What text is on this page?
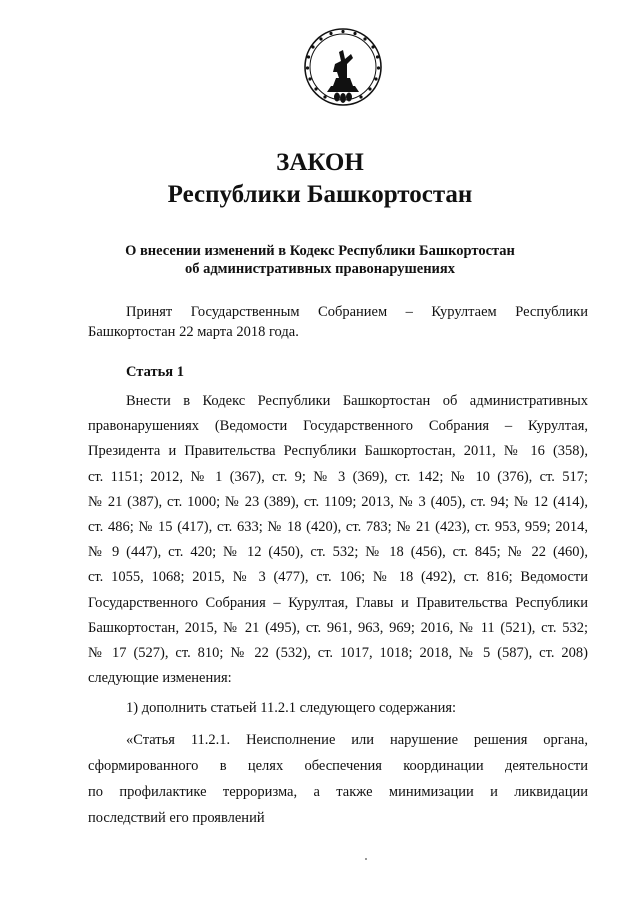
ЗАКОН
Республики Башкортостан
О внесении изменений в Кодекс Республики Башкортостан
об административных правонарушениях
Принят Государственным Собранием – Курултаем Республики
Башкортостан 22 марта 2018 года.
Статья 1
Внести в Кодекс Республики Башкортостан об административных
правонарушениях (Ведомости Государственного Собрания – Курултая,
Президента и Правительства Республики Башкортостан, 2011, № 16 (358),
ст. 1151; 2012, № 1 (367), ст. 9; № 3 (369), ст. 142; № 10 (376), ст. 517;
№ 21 (387), ст. 1000; № 23 (389), ст. 1109; 2013, № 3 (405), ст. 94; № 12 (414),
ст. 486; № 15 (417), ст. 633; № 18 (420), ст. 783; № 21 (423), ст. 953, 959; 2014,
№ 9 (447), ст. 420; № 12 (450), ст. 532; № 18 (456), ст. 845; № 22 (460),
ст. 1055, 1068; 2015, № 3 (477), ст. 106; № 18 (492), ст. 816; Ведомости
Государственного Собрания – Курултая, Главы и Правительства Республики
Башкортостан, 2015, № 21 (495), ст. 961, 963, 969; 2016, № 11 (521), ст. 532;
№ 17 (527), ст. 810; № 22 (532), ст. 1017, 1018; 2018, № 5 (587), ст. 208)
следующие изменения:
1) дополнить статьей 11.2.1 следующего содержания:
«Статья 11.2.1. Неисполнение или нарушение решения органа,
сформированного в целях обеспечения координации деятельности
по профилактике терроризма, а также минимизации и ликвидации
последствий его проявлений
